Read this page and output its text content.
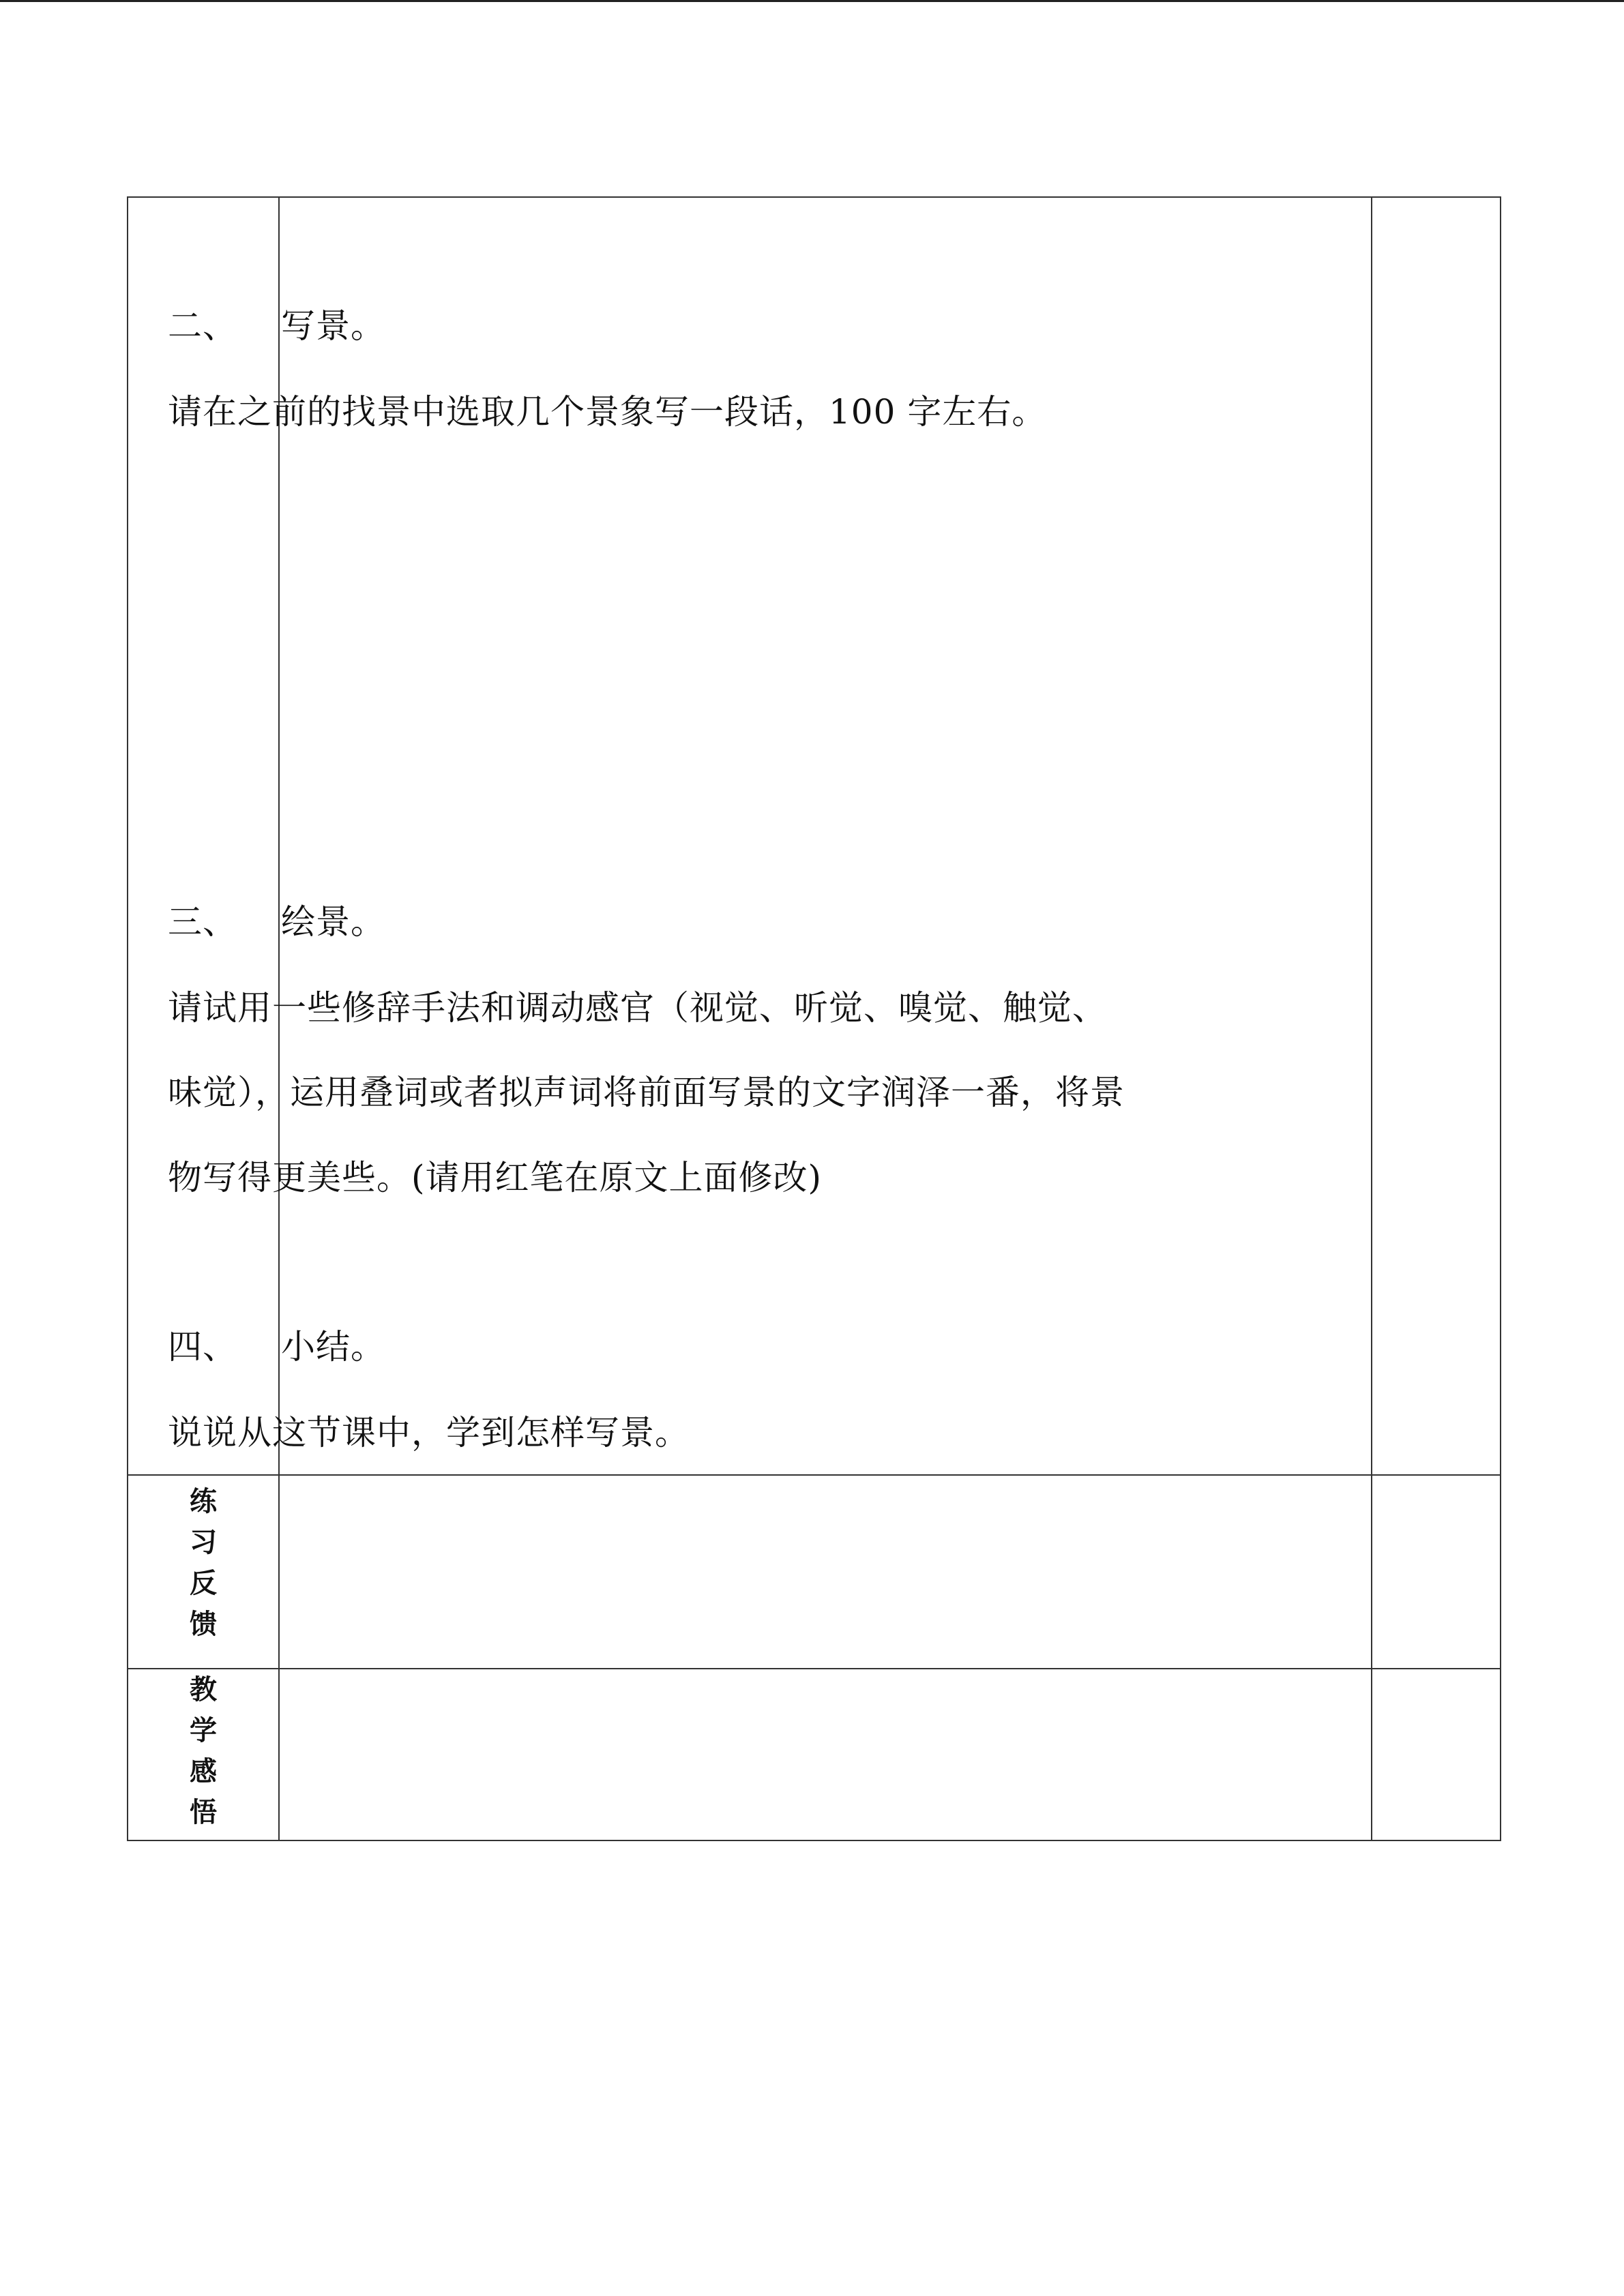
练
习
反
馈		

教
学
感
悟		

二、 写景。
请在之前的找景中选取几个景象写一段话，100 字左右。
三、 绘景。
请试用一些修辞手法和调动感官（视觉、听觉、嗅觉、触觉、
味觉），运用叠词或者拟声词将前面写景的文字润泽一番，将景
物写得更美些。(请用红笔在原文上面修改)
四、 小结。
说说从这节课中，学到怎样写景。
